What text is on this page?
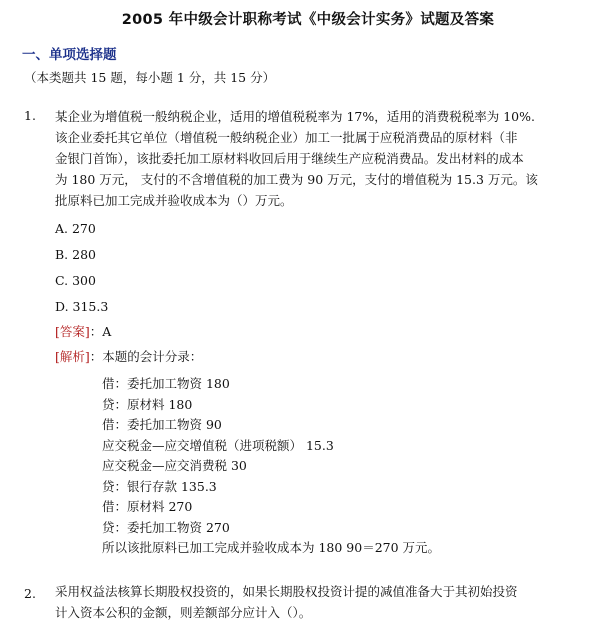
2005 年中级会计职称考试《中级会计实务》试题及答案
一、单项选择题
（本类题共 15 题，每小题 1 分，共 15 分）
1. 某企业为增值税一般纳税企业，适用的增值税税率为 17%，适用的消费税税率为 10%.
该企业委托其它单位（增值税一般纳税企业）加工一批属于应税消费品的原材料（非
金银门首饰），该批委托加工原材料收回后用于继续生产应税消费品。发出材料的成本
为 180 万元， 支付的不含增值税的加工费为 90 万元，支付的增值税为 15.3 万元。该
批原料已加工完成并验收成本为（）万元。
A. 270
B. 280
C. 300
D. 315.3
[答案]：A
[解析]：本题的会计分录：
借：委托加工物资 180
贷：原材料 180
借：委托加工物资 90
应交税金—应交增值税（进项税额） 15.3
应交税金—应交消费税 30
贷：银行存款 135.3
借：原材料 270
贷：委托加工物资 270
所以该批原料已加工完成并验收成本为 180 90＝270 万元。
2. 采用权益法核算长期股权投资的，如果长期股权投资计提的减值准备大于其初始投资
计入资本公积的金额，则差额部分应计入（）。
